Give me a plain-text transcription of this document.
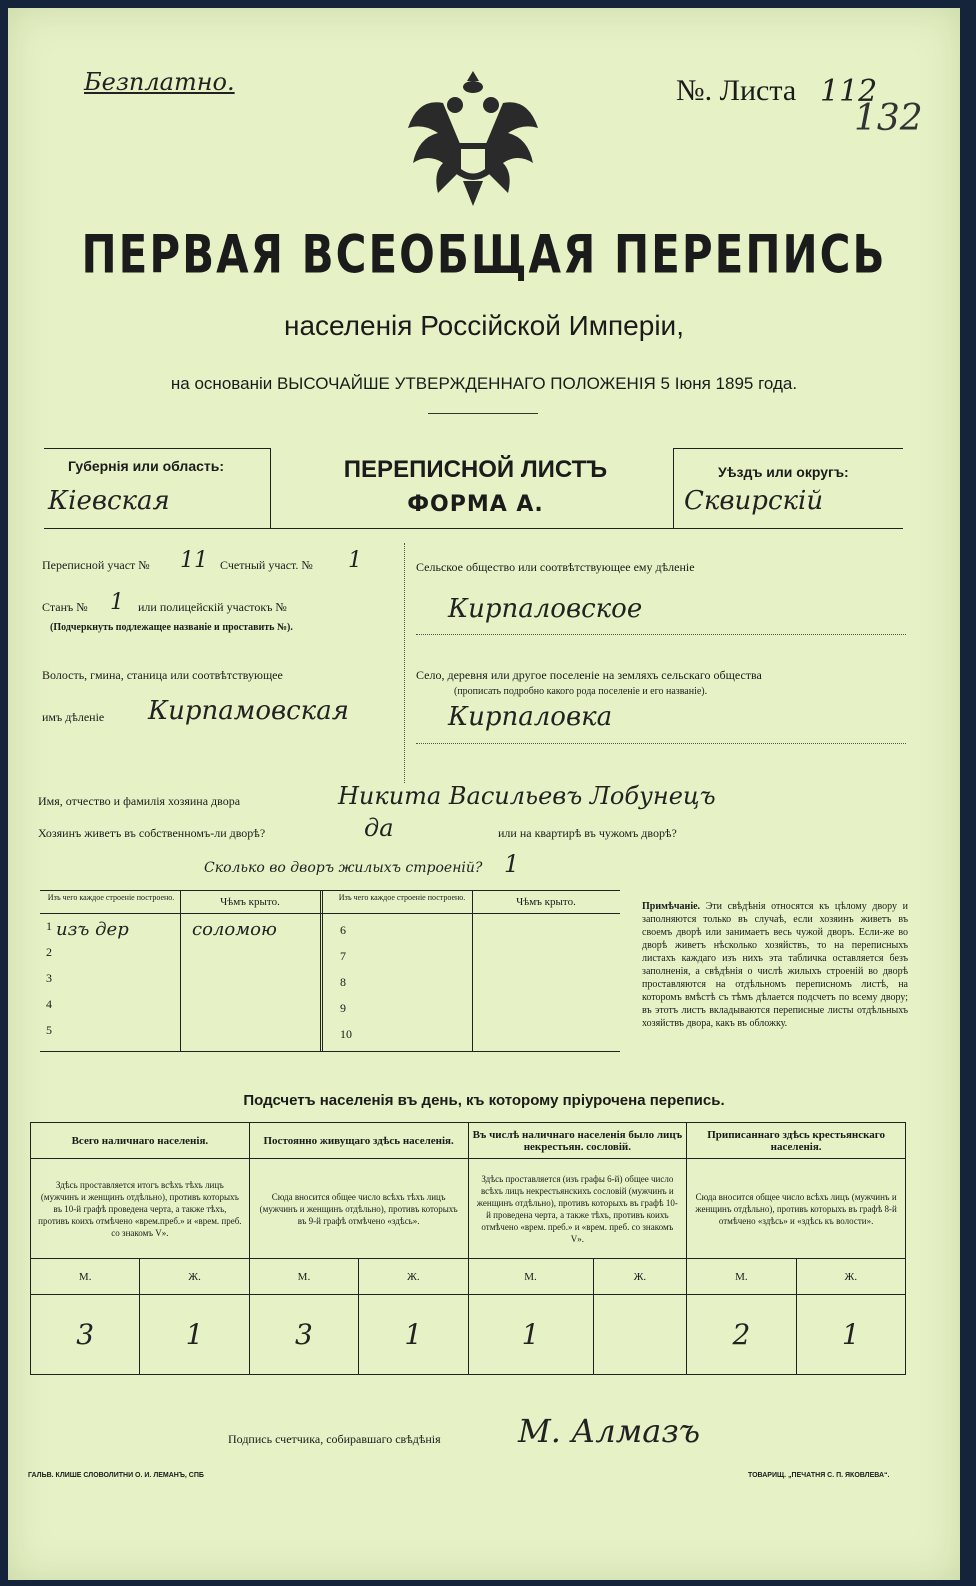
Безплатно.	№. Листа 112
132
ПЕРВАЯ ВСЕОБЩАЯ ПЕРЕПИСЬ
населенія Россійской Имперіи,
на основаніи ВЫСОЧАЙШЕ УТВЕРЖДЕННАГО ПОЛОЖЕНІЯ 5 Іюня 1895 года.
Губернія или область:
Кіевская
ПЕРЕПИСНОЙ ЛИСТЪ
ФОРМА А.
Уѣздъ или округъ:
Сквирскій
Переписной участ № 11 Счетный участ. № 1
Станъ № 1 или полицейскій участокъ №
(Подчеркнуть подлежащее названіе и проставить №).
Волость, гмина, станица или соотвѣтствующее
имъ дѣленіе Кирпамовская
Сельское общество или соотвѣтствующее ему дѣленіе
Кирпаловское
Село, деревня или другое поселеніе на земляхъ сельскаго общества
(прописать подробно какого рода поселеніе и его названіе).
Кирпаловка
Имя, отчество и фамилія хозяина двора	Никита Васильевъ Лобунецъ
Хозяинъ живетъ въ собственномъ-ли дворѣ?	да	или на квартирѣ въ чужомъ дворѣ?
Сколько во дворъ жилыхъ строеній? 1
Изъ чего каждое строеніе построено.	Чѣмъ крыто.	Изъ чего каждое строеніе построено.	Чѣмъ крыто.
1 изъ дер	соломою
2
3
4
5
6
7
8
9
10
Примѣчаніе. Эти свѣдѣнія относятся къ цѣлому двору и заполняются только въ случаѣ, если хозяинъ живетъ въ своемъ дворѣ или занимаетъ весь чужой дворъ. Если-же во дворѣ живетъ нѣсколько хозяйствъ, то на переписныхъ листахъ каждаго изъ нихъ эта табличка оставляется безъ заполненія, а свѣдѣнія о числѣ жилыхъ строеній во дворѣ проставляются на отдѣльномъ переписномъ листѣ, на которомъ вмѣстѣ съ тѣмъ дѣлается подсчетъ по всему двору; въ этотъ листъ вкладываются переписные листы отдѣльныхъ хозяйствъ двора, какъ въ обложку.
Подсчетъ населенія въ день, къ которому пріурочена перепись.
Всего наличнаго населенія.		Постоянно живущаго здѣсь населенія.		Въ числѣ наличнаго населенія было лицъ некрестьян. сословій.		Приписаннаго здѣсь крестьянскаго населенія.	
Здѣсь проставляется итогъ всѣхъ тѣхъ лицъ (мужчинъ и женщинъ отдѣльно), противъ которыхъ въ 10-й графѣ проведена черта, а также тѣхъ, противъ коихъ отмѣчено «врем.преб.» и «врем. преб. со знакомъ V».		Сюда вносится общее число всѣхъ тѣхъ лицъ (мужчинъ и женщинъ отдѣльно), противъ которыхъ въ 9-й графѣ отмѣчено «здѣсь».		Здѣсь проставляется (изъ графы 6-й) общее число всѣхъ лицъ некрестьянскихъ сословій (мужчинъ и женщинъ отдѣльно), противъ которыхъ въ графѣ 10-й проведена черта, а также тѣхъ, противъ коихъ отмѣчено «врем. преб.» и «врем. преб. со знакомъ V».		Сюда вносится общее число всѣхъ лицъ (мужчинъ и женщинъ отдѣльно), противъ которыхъ въ графѣ 8-й отмѣчено «здѣсь» и «здѣсь къ волости».	
М.	Ж.	М.	Ж.	М.	Ж.	М.	Ж.
3	1	3	1	1		2	1
Подпись счетчика, собиравшаго свѣдѣнія М. Алмазъ
ГАЛЬВ. КЛИШЕ СЛОВОЛИТНИ О. И. ЛЕМАНЪ, СПБ	ТОВАРИЩ. „ПЕЧАТНЯ С. П. ЯКОВЛЕВА“.
